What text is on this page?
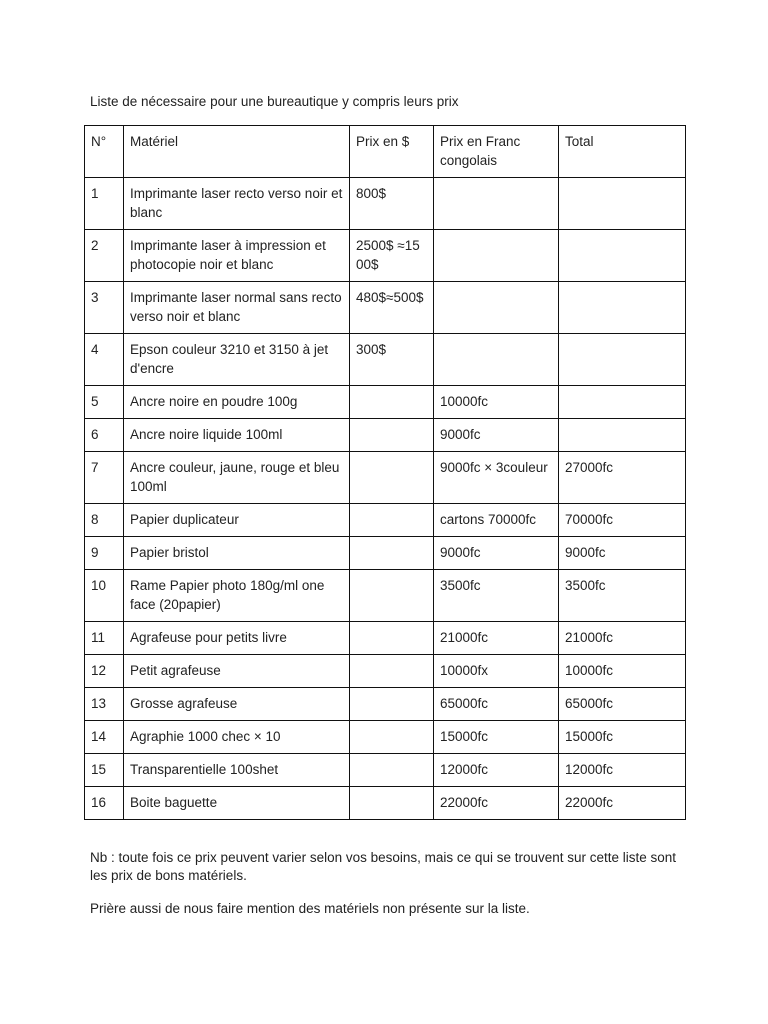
Liste de nécessaire pour une bureautique y compris leurs prix
N°	Matériel	Prix en $	Prix en Franc congolais	Total
1	Imprimante laser recto verso noir et blanc	800$		
2	Imprimante laser à impression et photocopie noir et blanc	2500$ ≈15 00$		
3	Imprimante laser normal sans recto verso noir et blanc	480$≈500$		
4	Epson couleur 3210 et 3150 à jet d'encre	300$		
5	Ancre noire en poudre 100g		10000fc	
6	Ancre noire liquide 100ml		9000fc	
7	Ancre couleur, jaune, rouge et bleu 100ml		9000fc × 3couleur	27000fc
8	Papier duplicateur		cartons 70000fc	70000fc
9	Papier bristol		9000fc	9000fc
10	Rame Papier photo 180g/ml one face (20papier)		3500fc	3500fc
11	Agrafeuse pour petits livre		21000fc	21000fc
12	Petit agrafeuse		10000fx	10000fc
13	Grosse agrafeuse		65000fc	65000fc
14	Agraphie 1000 chec × 10		15000fc	15000fc
15	Transparentielle 100shet		12000fc	12000fc
16	Boite baguette		22000fc	22000fc
Nb : toute fois ce prix peuvent varier selon vos besoins, mais ce qui se trouvent sur cette liste sont les prix de bons matériels.
Prière aussi de nous faire mention des matériels non présente sur la liste.
